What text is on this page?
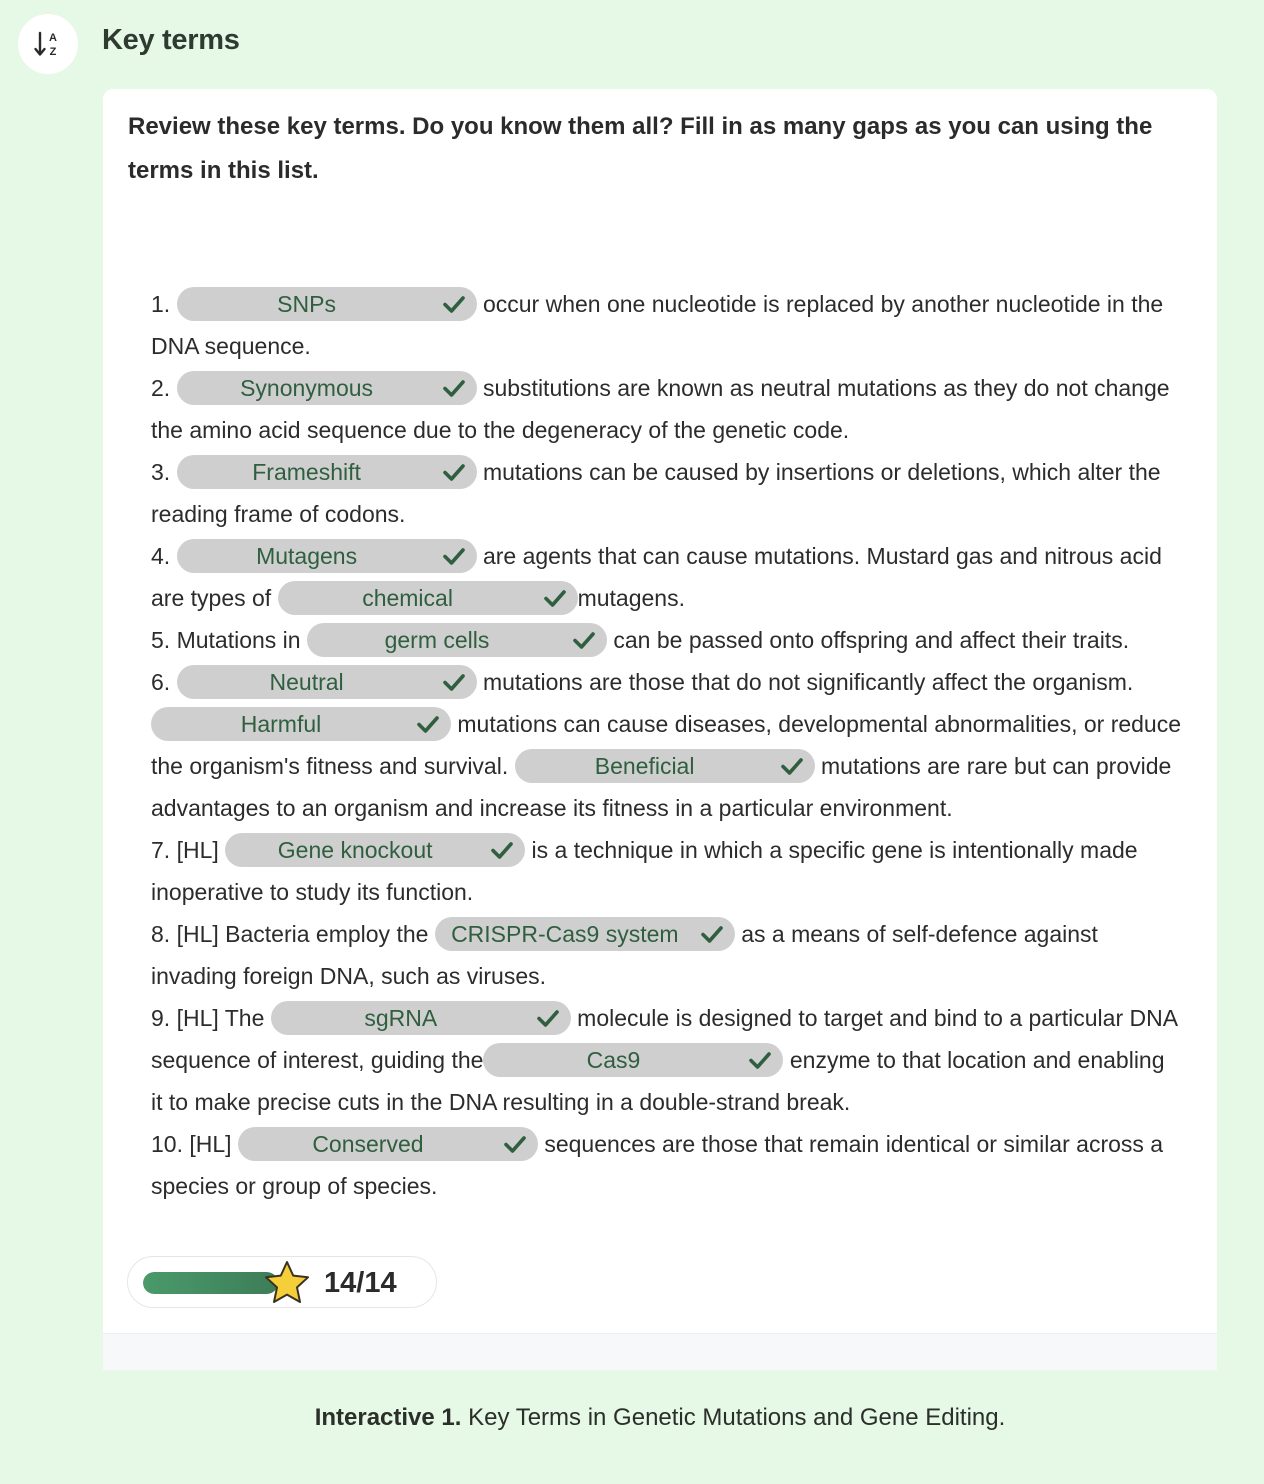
A
Z Key terms
Review these key terms. Do you know them all? Fill in as many gaps as you can using the terms in this list.

1.	SNPs	occur when one nucleotide is replaced by another nucleotide in the DNA sequence.

2.	Synonymous	substitutions are known as neutral mutations as they do not change the amino acid sequence due to the degeneracy of the genetic code.

3.	Frameshift	mutations can be caused by insertions or deletions, which alter the reading frame of codons.

4.	Mutagens	are agents that can cause mutations. Mustard gas and nitrous acid are types of	chemical	mutagens.

5. Mutations in	germ cells	can be passed onto offspring and affect their traits.

6.	Neutral	mutations are those that do not significantly affect the organism. Harmful	mutations can cause diseases, developmental abnormalities, or reduce the organism's fitness and survival.	Beneficial	mutations are rare but can provide advantages to an organism and increase its fitness in a particular environment.

7. [HL]	Gene knockout	is a technique in which a specific gene is intentionally made inoperative to study its function.

8. [HL] Bacteria employ the CRISPR-Cas9 system	as a means of self-defence against invading foreign DNA, such as viruses.

9. [HL] The	sgRNA	molecule is designed to target and bind to a particular DNA sequence of interest, guiding the	Cas9	enzyme to that location and enabling it to make precise cuts in the DNA resulting in a double-strand break.

10. [HL]	Conserved	sequences are those that remain identical or similar across a species or group of species.

14/14
Interactive 1. Key Terms in Genetic Mutations and Gene Editing.
